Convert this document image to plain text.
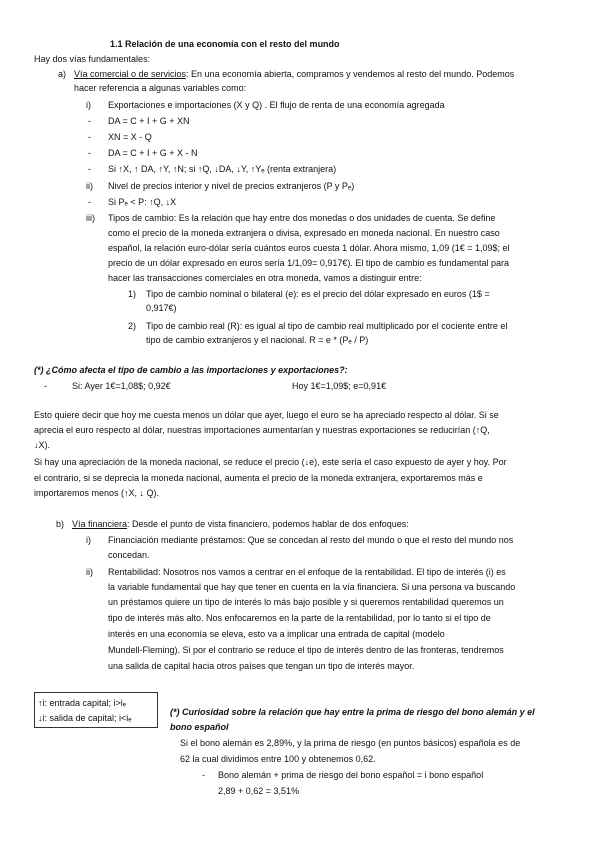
1.1 Relación de una economía con el resto del mundo
Hay dos vías fundamentales:
a) Vía comercial o de servicios: En una economía abierta, compramos y vendemos al resto del mundo. Podemos
hacer referencia a algunas variables como:
i) Exportaciones e importaciones (X y Q) . El flujo de renta de una economía agregada
- DA = C + I + G + XN
- XN = X - Q
- DA = C + I + G + X - N
- Si ↑X, ↑ DA, ↑Y, ↑N; si ↑Q, ↓DA, ↓Y, ↑Yₑ (renta extranjera)
ii) Nivel de precios interior y nivel de precios extranjeros (P y Pₑ)
- Si Pₑ < P: ↑Q, ↓X
iii) Tipos de cambio: Es la relación que hay entre dos monedas o dos unidades de cuenta. Se define
como el precio de la moneda extranjera o divisa, expresado en moneda nacional. En nuestro caso
español, la relación euro-dólar sería cuántos euros cuesta 1 dólar. Ahora mismo, 1,09 (1€ = 1,09$; el
precio de un dólar expresado en euros sería 1/1,09= 0,917€). El tipo de cambio es fundamental para
hacer las transacciones comerciales en otra moneda, vamos a distinguir entre:
1) Tipo de cambio nominal o bilateral (e): es el precio del dólar expresado en euros (1$ =
0,917€)
2) Tipo de cambio real (R): es igual al tipo de cambio real multiplicado por el cociente entre el
tipo de cambio extranjeros y el nacional. R = e * (Pₑ / P)
(*) ¿Cómo afecta el tipo de cambio a las importaciones y exportaciones?:
-	Si: Ayer 1€=1,08$; 0,92€	Hoy 1€=1,09$; e=0,91€
Esto quiere decir que hoy me cuesta menos un dólar que ayer, luego el euro se ha apreciado respecto al dólar. Si se
aprecia el euro respecto al dólar, nuestras importaciones aumentarían y nuestras exportaciones se reducirían (↑Q,
↓X).
Si hay una apreciación de la moneda nacional, se reduce el precio (↓e), este sería el caso expuesto de ayer y hoy. Por
el contrario, si se deprecia la moneda nacional, aumenta el precio de la moneda extranjera, exportaremos más e
importaremos menos (↑X, ↓ Q).
b) Vía financiera: Desde el punto de vista financiero, podemos hablar de dos enfoques:
i) Financiación mediante préstamos: Que se concedan al resto del mundo o que el resto del mundo nos
concedan.
ii) Rentabilidad: Nosotros nos vamos a centrar en el enfoque de la rentabilidad. El tipo de interés (i) es
la variable fundamental que hay que tener en cuenta en la vía financiera. Si una persona va buscando
un préstamos quiere un tipo de interés lo más bajo posible y si queremos rentabilidad queremos un
tipo de interés más alto. Nos enfocaremos en la parte de la rentabilidad, por lo tanto si el tipo de
interés en una economía se eleva, esto va a implicar una entrada de capital (modelo
Mundell-Fleming). Si por el contrario se reduce el tipo de interés dentro de las fronteras, tendremos
una salida de capital hacia otros países que tengan un tipo de interés mayor.
↑i: entrada capital; i>iₑ
↓i: salida de capital; i<iₑ
(*) Curiosidad sobre la relación que hay entre la prima de riesgo del bono alemán y el
bono español
Si el bono alemán es 2,89%, y la prima de riesgo (en puntos básicos) española es de
62 la cual dividimos entre 100 y obtenemos 0,62.
- Bono alemán + prima de riesgo del bono español = i bono español
2,89 + 0,62 = 3,51%
